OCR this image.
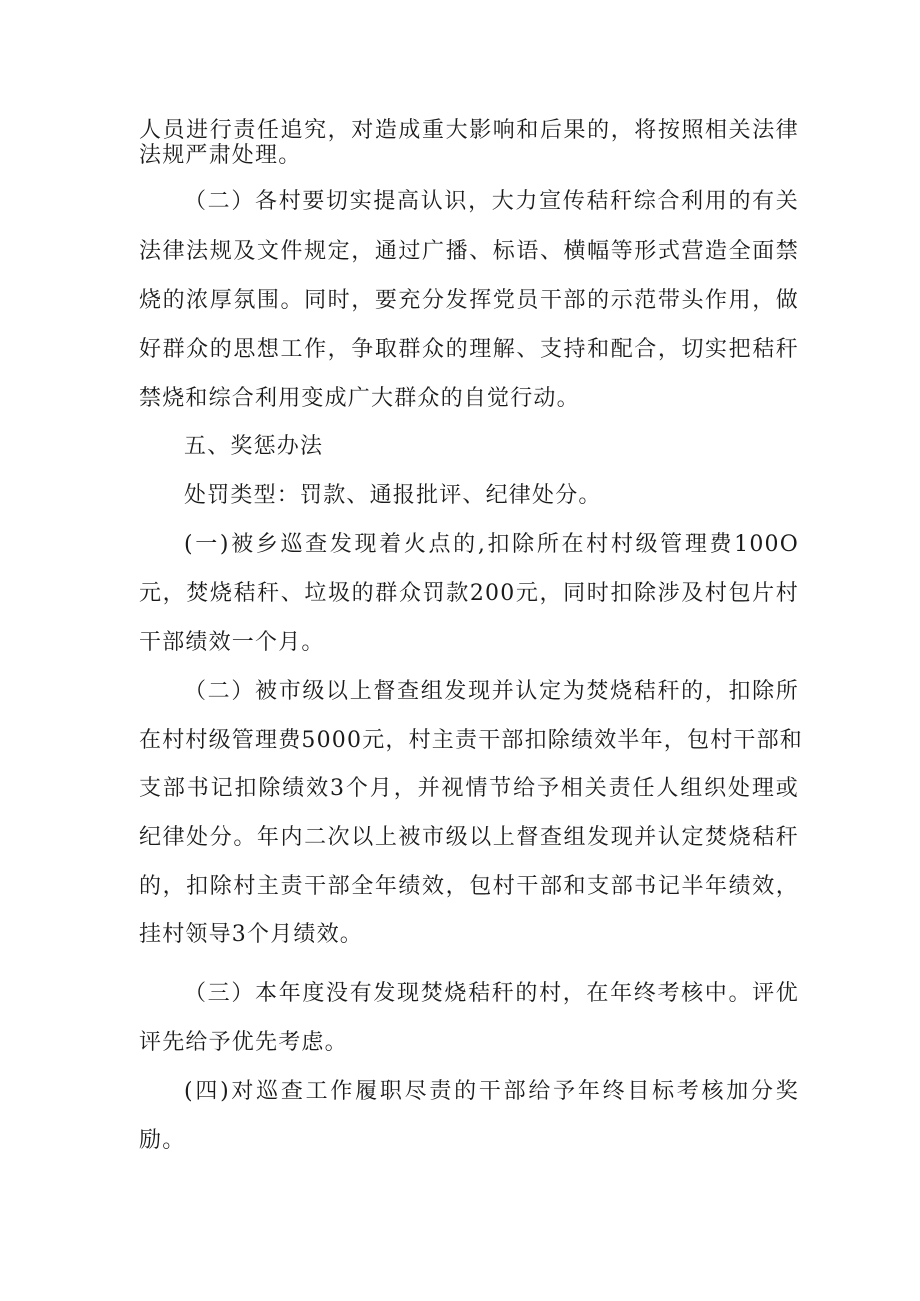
人员进行责任追究，对造成重大影响和后果的，将按照相关法律
法规严肃处理。
（二）各村要切实提高认识，大力宣传秸秆综合利用的有关
法律法规及文件规定，通过广播、标语、横幅等形式营造全面禁
烧的浓厚氛围。同时，要充分发挥党员干部的示范带头作用，做
好群众的思想工作，争取群众的理解、支持和配合，切实把秸秆
禁烧和综合利用变成广大群众的自觉行动。
五、奖惩办法
处罚类型：罚款、通报批评、纪律处分。
(一)被乡巡查发现着火点的,扣除所在村村级管理费100O
元，焚烧秸秆、垃圾的群众罚款200元，同时扣除涉及村包片村
干部绩效一个月。
（二）被市级以上督查组发现并认定为焚烧秸秆的，扣除所
在村村级管理费5000元，村主责干部扣除绩效半年，包村干部和
支部书记扣除绩效3个月，并视情节给予相关责任人组织处理或
纪律处分。年内二次以上被市级以上督查组发现并认定焚烧秸秆
的，扣除村主责干部全年绩效，包村干部和支部书记半年绩效，
挂村领导3个月绩效。
（三）本年度没有发现焚烧秸秆的村，在年终考核中。评优
评先给予优先考虑。
(四)对巡查工作履职尽责的干部给予年终目标考核加分奖
励。
